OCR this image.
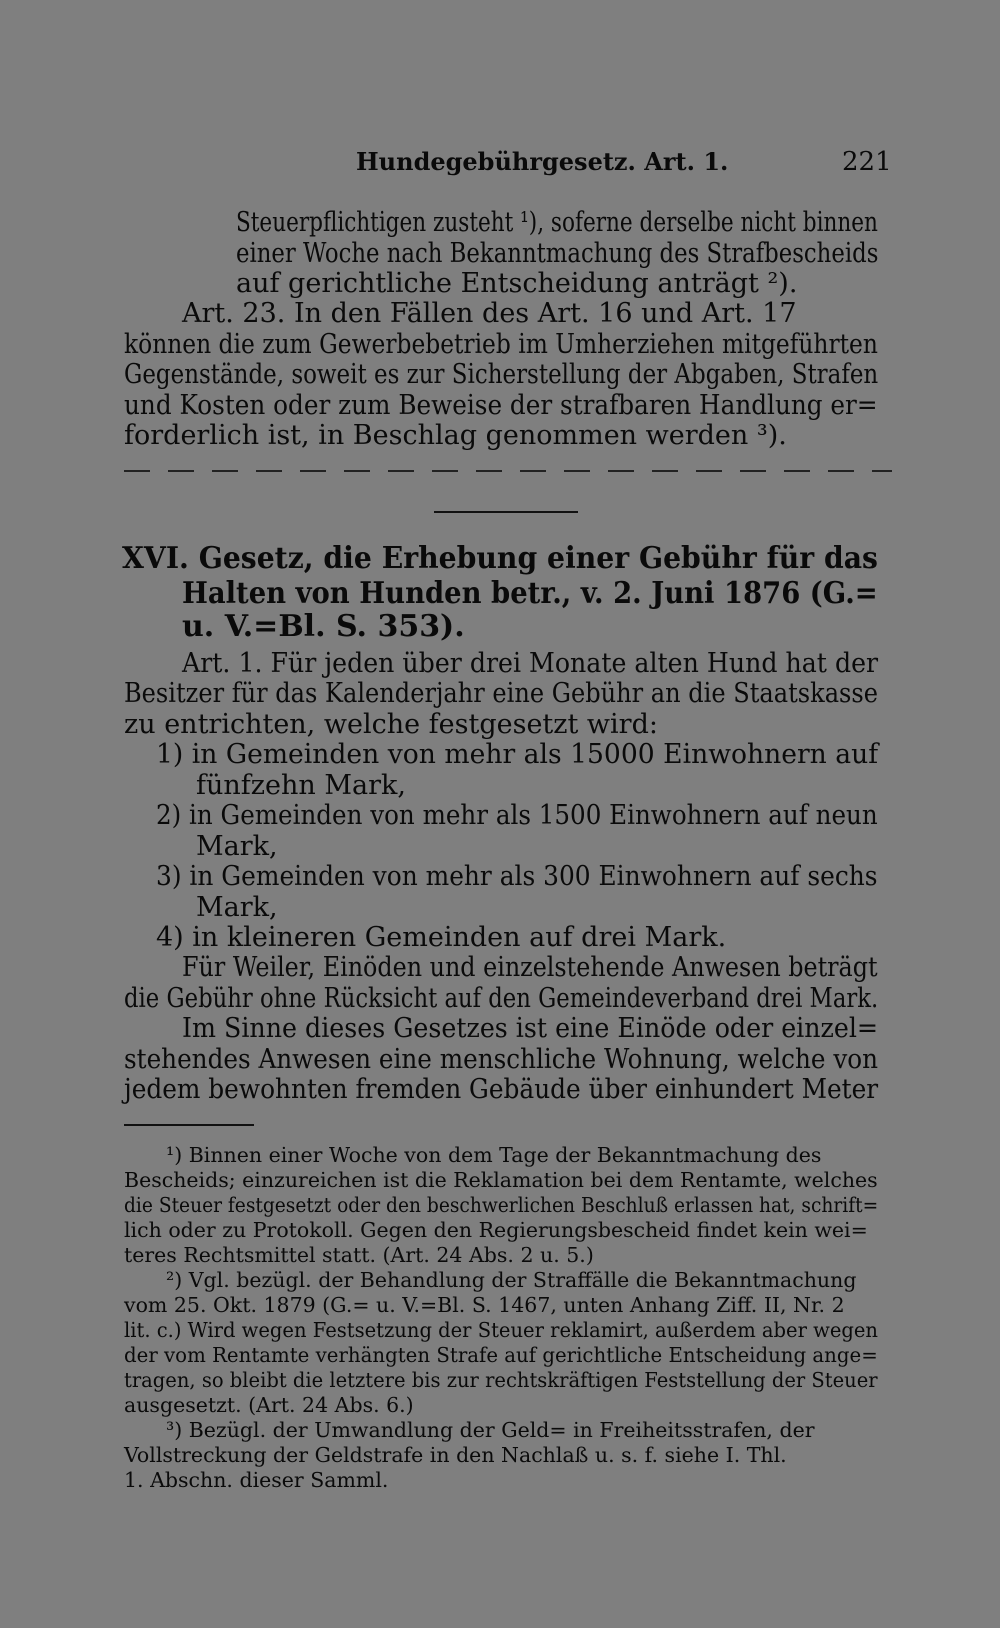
Hundegebührgesetz. Art. 1.	221
Steuerpflichtigen zusteht ¹), soferne derselbe nicht binnen
einer Woche nach Bekanntmachung des Strafbescheids
auf gerichtliche Entscheidung anträgt ²).
Art. 23. In den Fällen des Art. 16 und Art. 17
können die zum Gewerbebetrieb im Umherziehen mitgeführten
Gegenstände, soweit es zur Sicherstellung der Abgaben, Strafen
und Kosten oder zum Beweise der strafbaren Handlung er=
forderlich ist, in Beschlag genommen werden ³).
XVI. Gesetz, die Erhebung einer Gebühr für das
Halten von Hunden betr., v. 2. Juni 1876 (G.=
u. V.=Bl. S. 353).
Art. 1. Für jeden über drei Monate alten Hund hat der
Besitzer für das Kalenderjahr eine Gebühr an die Staatskasse
zu entrichten, welche festgesetzt wird:
1) in Gemeinden von mehr als 15000 Einwohnern auf
fünfzehn Mark,
2) in Gemeinden von mehr als 1500 Einwohnern auf neun
Mark,
3) in Gemeinden von mehr als 300 Einwohnern auf sechs
Mark,
4) in kleineren Gemeinden auf drei Mark.
Für Weiler, Einöden und einzelstehende Anwesen beträgt
die Gebühr ohne Rücksicht auf den Gemeindeverband drei Mark.
Im Sinne dieses Gesetzes ist eine Einöde oder einzel=
stehendes Anwesen eine menschliche Wohnung, welche von
jedem bewohnten fremden Gebäude über einhundert Meter
¹) Binnen einer Woche von dem Tage der Bekanntmachung des
Bescheids; einzureichen ist die Reklamation bei dem Rentamte, welches
die Steuer festgesetzt oder den beschwerlichen Beschluß erlassen hat, schrift=
lich oder zu Protokoll. Gegen den Regierungsbescheid findet kein wei=
teres Rechtsmittel statt. (Art. 24 Abs. 2 u. 5.)
²) Vgl. bezügl. der Behandlung der Straffälle die Bekanntmachung
vom 25. Okt. 1879 (G.= u. V.=Bl. S. 1467, unten Anhang Ziff. II, Nr. 2
lit. c.) Wird wegen Festsetzung der Steuer reklamirt, außerdem aber wegen
der vom Rentamte verhängten Strafe auf gerichtliche Entscheidung ange=
tragen, so bleibt die letztere bis zur rechtskräftigen Feststellung der Steuer
ausgesetzt. (Art. 24 Abs. 6.)
³) Bezügl. der Umwandlung der Geld= in Freiheitsstrafen, der
Vollstreckung der Geldstrafe in den Nachlaß u. s. f. siehe I. Thl.
1. Abschn. dieser Samml.
